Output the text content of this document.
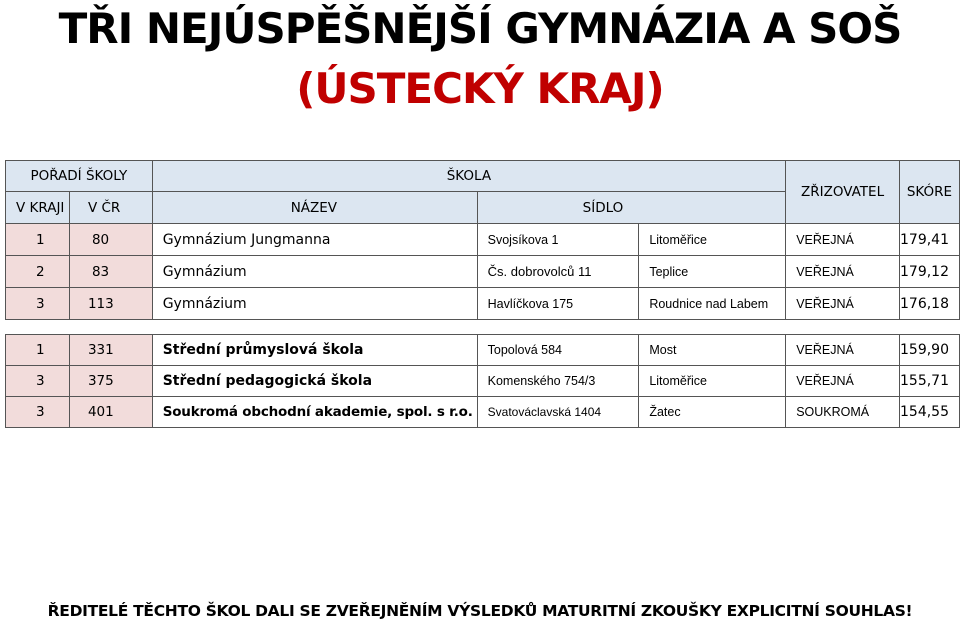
TŘI NEJÚSPĚŠNĚJŠÍ GYMNÁZIA A SOŠ
(ÚSTECKÝ KRAJ)
POŘADÍ ŠKOLY		ŠKOLA			ZŘIZOVATEL	SKÓRE
V KRAJI	V ČR	NÁZEV	SÍDLO			
1	80	Gymnázium Jungmanna	Svojsíkova 1	Litoměřice	VEŘEJNÁ	179,41
2	83	Gymnázium	Čs. dobrovolců 11	Teplice	VEŘEJNÁ	179,12
3	113	Gymnázium	Havlíčkova 175	Roudnice nad Labem	VEŘEJNÁ	176,18

1	331	Střední průmyslová škola	Topolová 584	Most	VEŘEJNÁ	159,90
3	375	Střední pedagogická škola	Komenského 754/3	Litoměřice	VEŘEJNÁ	155,71
3	401	Soukromá obchodní akademie, spol. s r.o.	Svatováclavská 1404	Žatec	SOUKROMÁ	154,55
ŘEDITELÉ TĚCHTO ŠKOL DALI SE ZVEŘEJNĚNÍM VÝSLEDKŮ MATURITNÍ ZKOUŠKY EXPLICITNÍ SOUHLAS!
